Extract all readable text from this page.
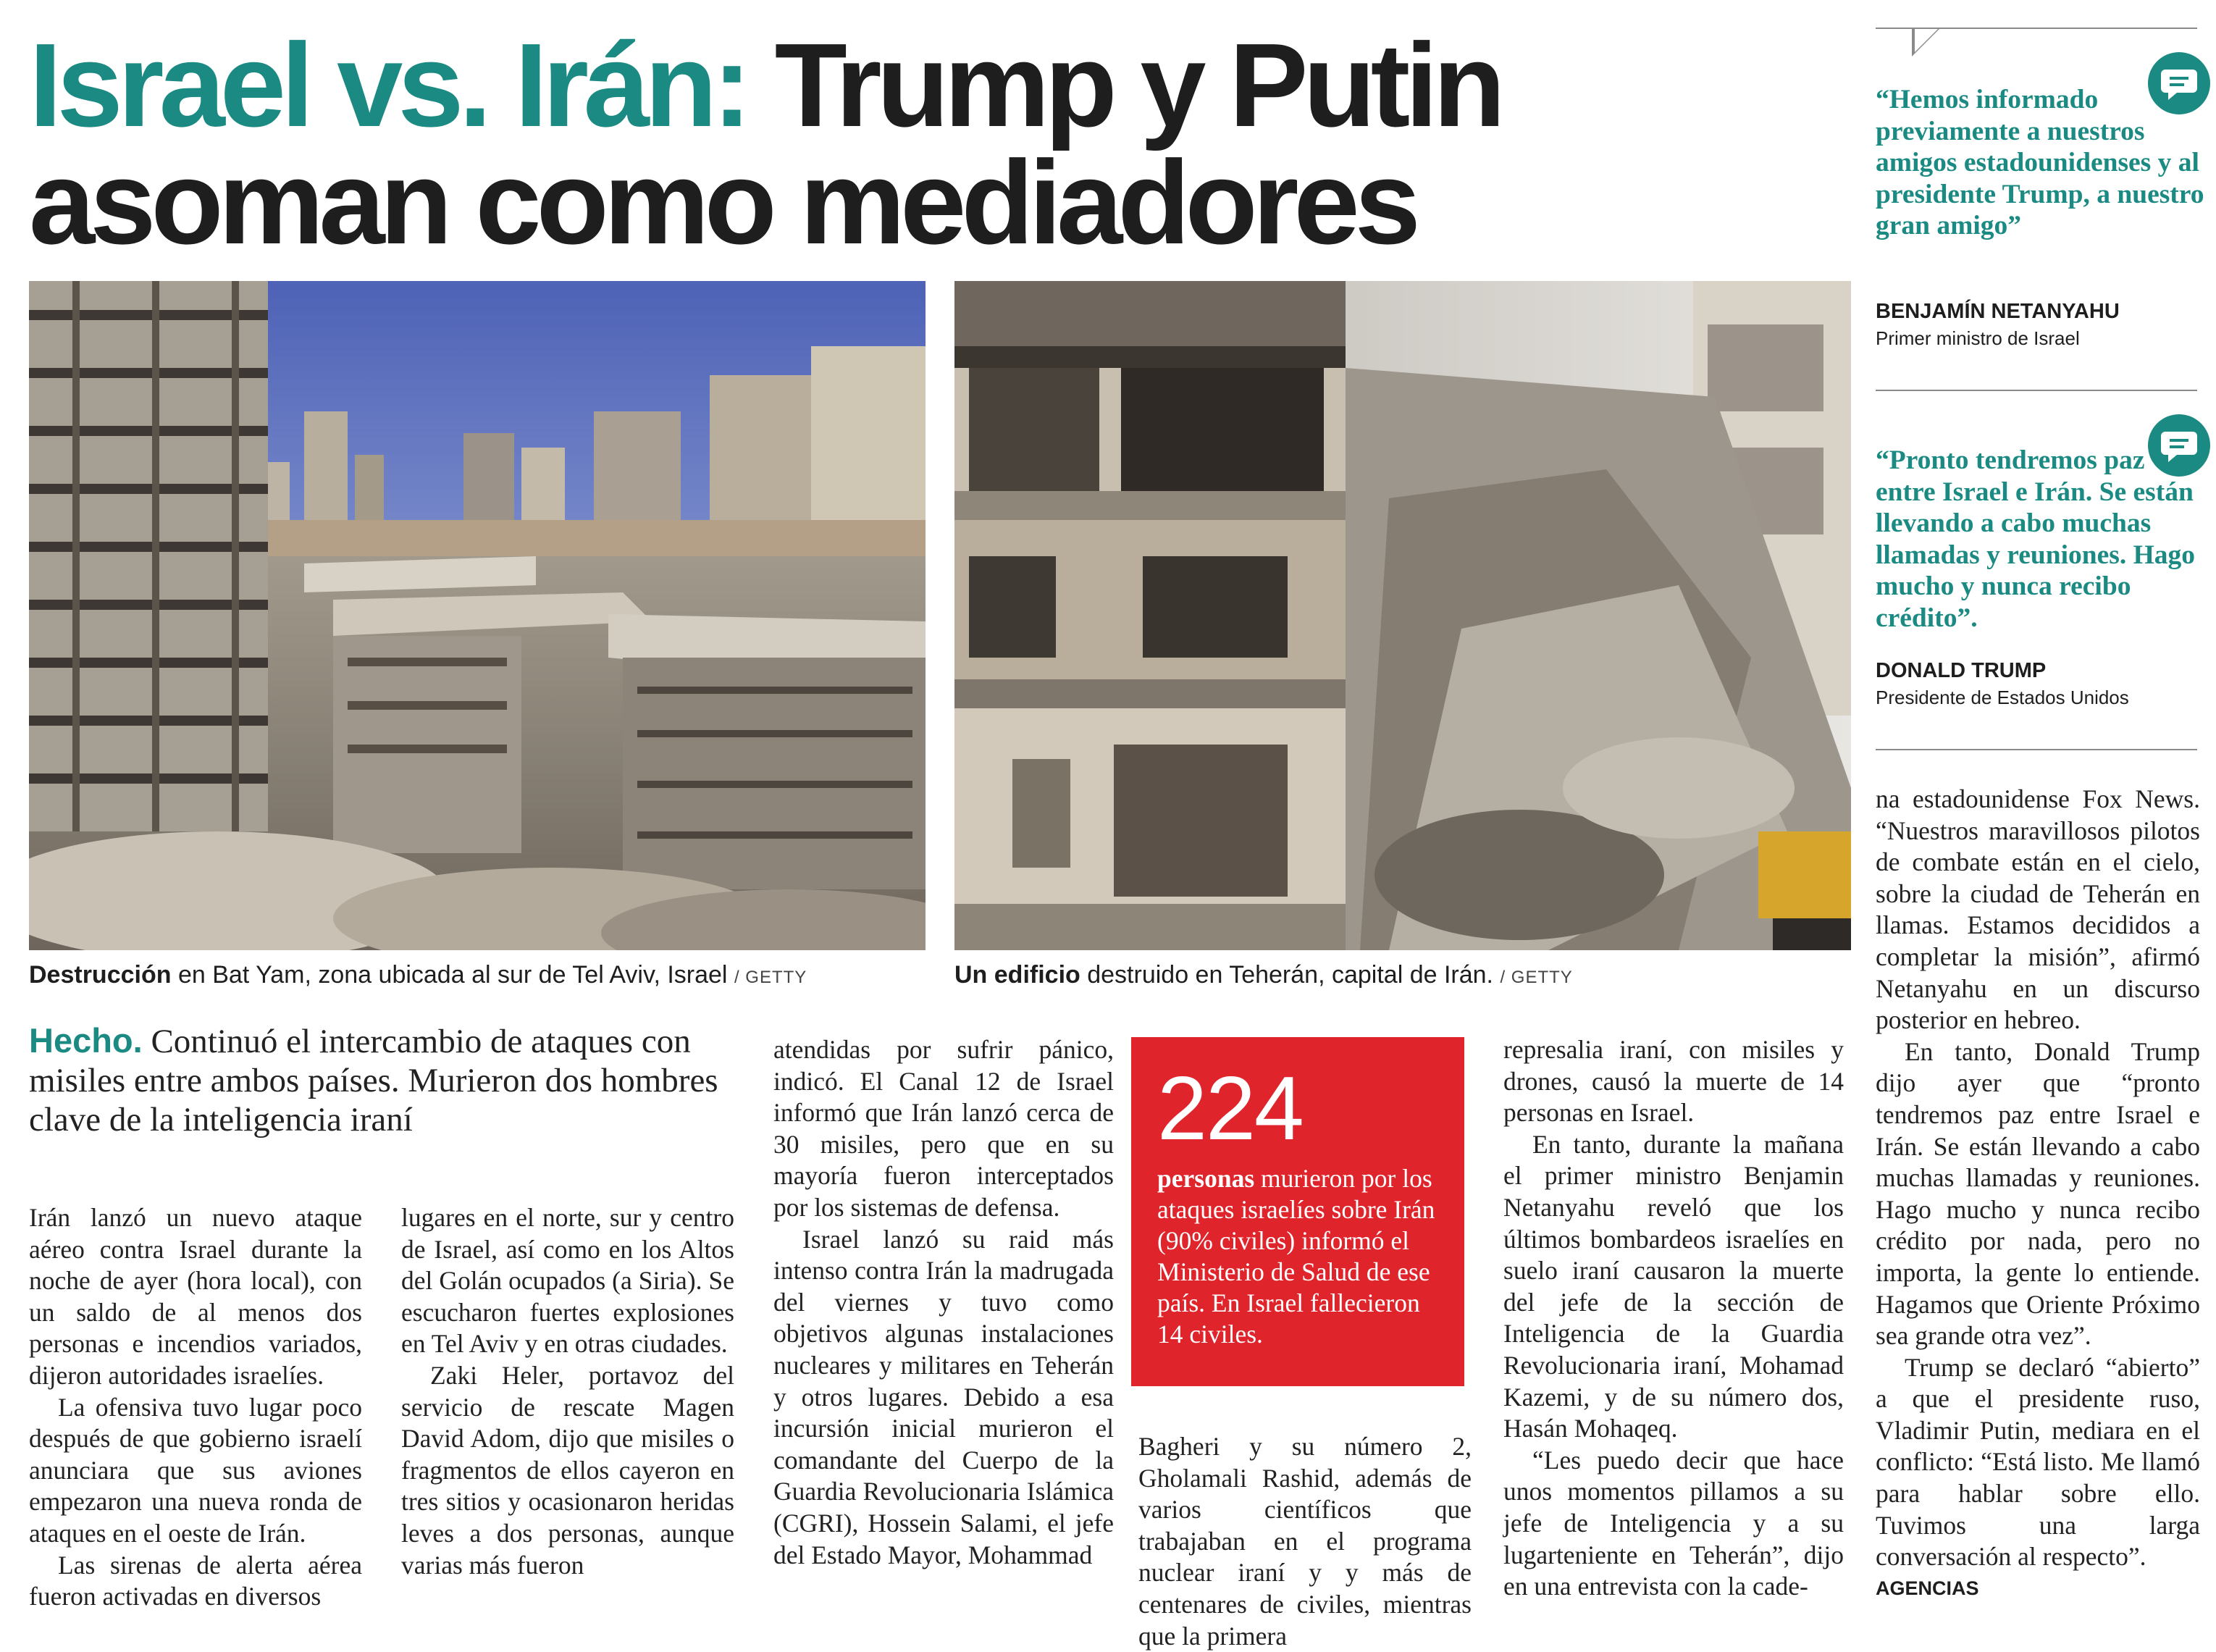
Israel vs. Irán: Trump y Putin
asoman como mediadores
Destrucción en Bat Yam, zona ubicada al sur de Tel Aviv, Israel / GETTY	Un edificio destruido en Teherán, capital de Irán. / GETTY
Hecho. Continuó el intercambio de ataques con misiles entre ambos países. Murieron dos hombres clave de la inteligencia iraní

Irán lanzó un nuevo ataque aéreo contra Israel durante la noche de ayer (hora local), con un saldo de al menos dos personas e incendios variados, dijeron autoridades israelíes.

La ofensiva tuvo lugar poco después de que gobierno israelí anunciara que sus aviones empezaron una nueva ronda de ataques en el oeste de Irán.

Las sirenas de alerta aérea fueron activadas en diversos

lugares en el norte, sur y centro de Israel, así como en los Altos del Golán ocupados (a Siria). Se escucharon fuertes explosiones en Tel Aviv y en otras ciudades.

Zaki Heler, portavoz del servicio de rescate Magen David Adom, dijo que misiles o fragmentos de ellos cayeron en tres sitios y ocasionaron heridas leves a dos personas, aunque varias más fueron

atendidas por sufrir pánico, indicó. El Canal 12 de Israel informó que Irán lanzó cerca de 30 misiles, pero que en su mayoría fueron interceptados por los sistemas de defensa.

Israel lanzó su raid más intenso contra Irán la madrugada del viernes y tuvo como objetivos algunas instalaciones nucleares y militares en Teherán y otros lugares. Debido a esa incursión inicial murieron el comandante del Cuerpo de la Guardia Revolucionaria Islámica (CGRI), Hossein Salami, el jefe del Estado Mayor, Mohammad

224
personas murieron por los ataques israelíes sobre Irán (90% civiles) informó el Ministerio de Salud de ese país. En Israel fallecieron 14 civiles.

Bagheri y su número 2, Gholamali Rashid, además de varios científicos que trabajaban en el programa nuclear iraní y y más de centenares de civiles, mientras que la primera

represalia iraní, con misiles y drones, causó la muerte de 14 personas en Israel.

En tanto, durante la mañana el primer ministro Benjamin Netanyahu reveló que los últimos bombardeos israelíes en suelo iraní causaron la muerte del jefe de la sección de Inteligencia de la Guardia Revolucionaria iraní, Mohamad Kazemi, y de su número dos, Hasán Mohaqeq.

“Les puedo decir que hace unos momentos pillamos a su jefe de Inteligencia y a su lugarteniente en Teherán”, dijo en una entrevista con la cade-

na estadounidense Fox News. “Nuestros maravillosos pilotos de combate están en el cielo, sobre la ciudad de Teherán en llamas. Estamos decididos a completar la misión”, afirmó Netanyahu en un discurso posterior en hebreo.

En tanto, Donald Trump dijo ayer que “pronto tendremos paz entre Israel e Irán. Se están llevando a cabo muchas llamadas y reuniones. Hago mucho y nunca recibo crédito por nada, pero no importa, la gente lo entiende. Hagamos que Oriente Próximo sea grande otra vez”.

Trump se declaró “abierto” a que el presidente ruso, Vladimir Putin, mediara en el conflicto: “Está listo. Me llamó para hablar sobre ello. Tuvimos una larga conversación al respecto”.

AGENCIAS
“Hemos informado previamente a nuestros amigos estadounidenses y al presidente Trump, a nuestro gran amigo”
BENJAMÍN NETANYAHU
Primer ministro de Israel
“Pronto tendremos paz entre Israel e Irán. Se están llevando a cabo muchas llamadas y reuniones. Hago mucho y nunca recibo crédito”.
DONALD TRUMP
Presidente de Estados Unidos
